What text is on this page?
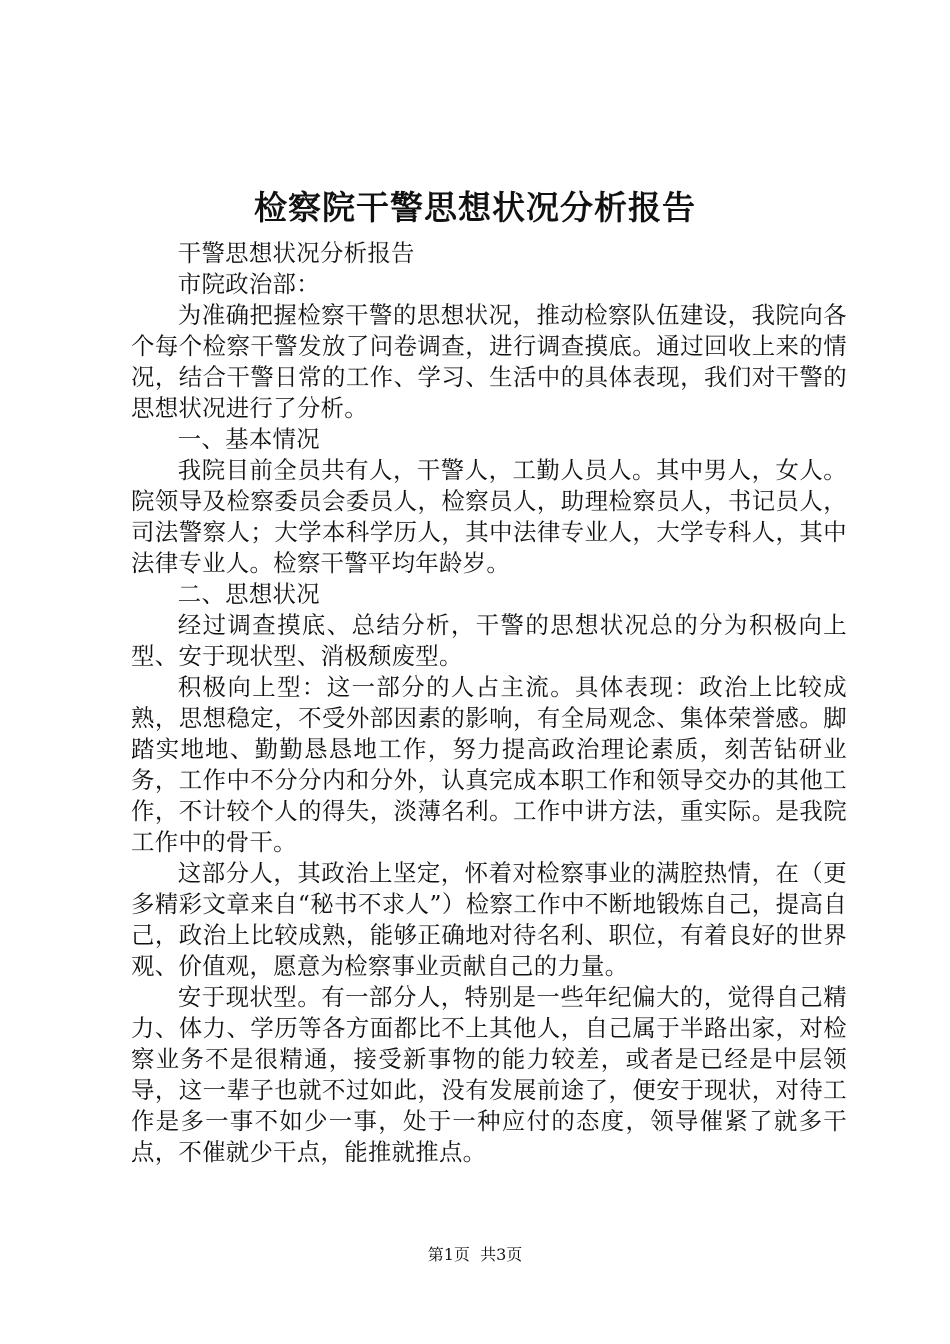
检察院干警思想状况分析报告

干警思想状况分析报告

市院政治部：

为准确把握检察干警的思想状况，推动检察队伍建设，我院向各个每个检察干警发放了问卷调查，进行调查摸底。通过回收上来的情况，结合干警日常的工作、学习、生活中的具体表现，我们对干警的思想状况进行了分析。

一、基本情况

我院目前全员共有人，干警人，工勤人员人。其中男人，女人。院领导及检察委员会委员人，检察员人，助理检察员人，书记员人，司法警察人；大学本科学历人，其中法律专业人，大学专科人，其中法律专业人。检察干警平均年龄岁。

二、思想状况

经过调查摸底、总结分析，干警的思想状况总的分为积极向上型、安于现状型、消极颓废型。

积极向上型：这一部分的人占主流。具体表现：政治上比较成熟，思想稳定，不受外部因素的影响，有全局观念、集体荣誉感。脚踏实地地、勤勤恳恳地工作，努力提高政治理论素质，刻苦钻研业务，工作中不分分内和分外，认真完成本职工作和领导交办的其他工作，不计较个人的得失，淡薄名利。工作中讲方法，重实际。是我院工作中的骨干。

这部分人，其政治上坚定，怀着对检察事业的满腔热情，在（更多精彩文章来自“秘书不求人”）检察工作中不断地锻炼自己，提高自己，政治上比较成熟，能够正确地对待名利、职位，有着良好的世界观、价值观，愿意为检察事业贡献自己的力量。

安于现状型。有一部分人，特别是一些年纪偏大的，觉得自己精力、体力、学历等各方面都比不上其他人，自己属于半路出家，对检察业务不是很精通，接受新事物的能力较差，或者是已经是中层领导，这一辈子也就不过如此，没有发展前途了，便安于现状，对待工作是多一事不如少一事，处于一种应付的态度，领导催紧了就多干点，不催就少干点，能推就推点。

第1页 共3页
